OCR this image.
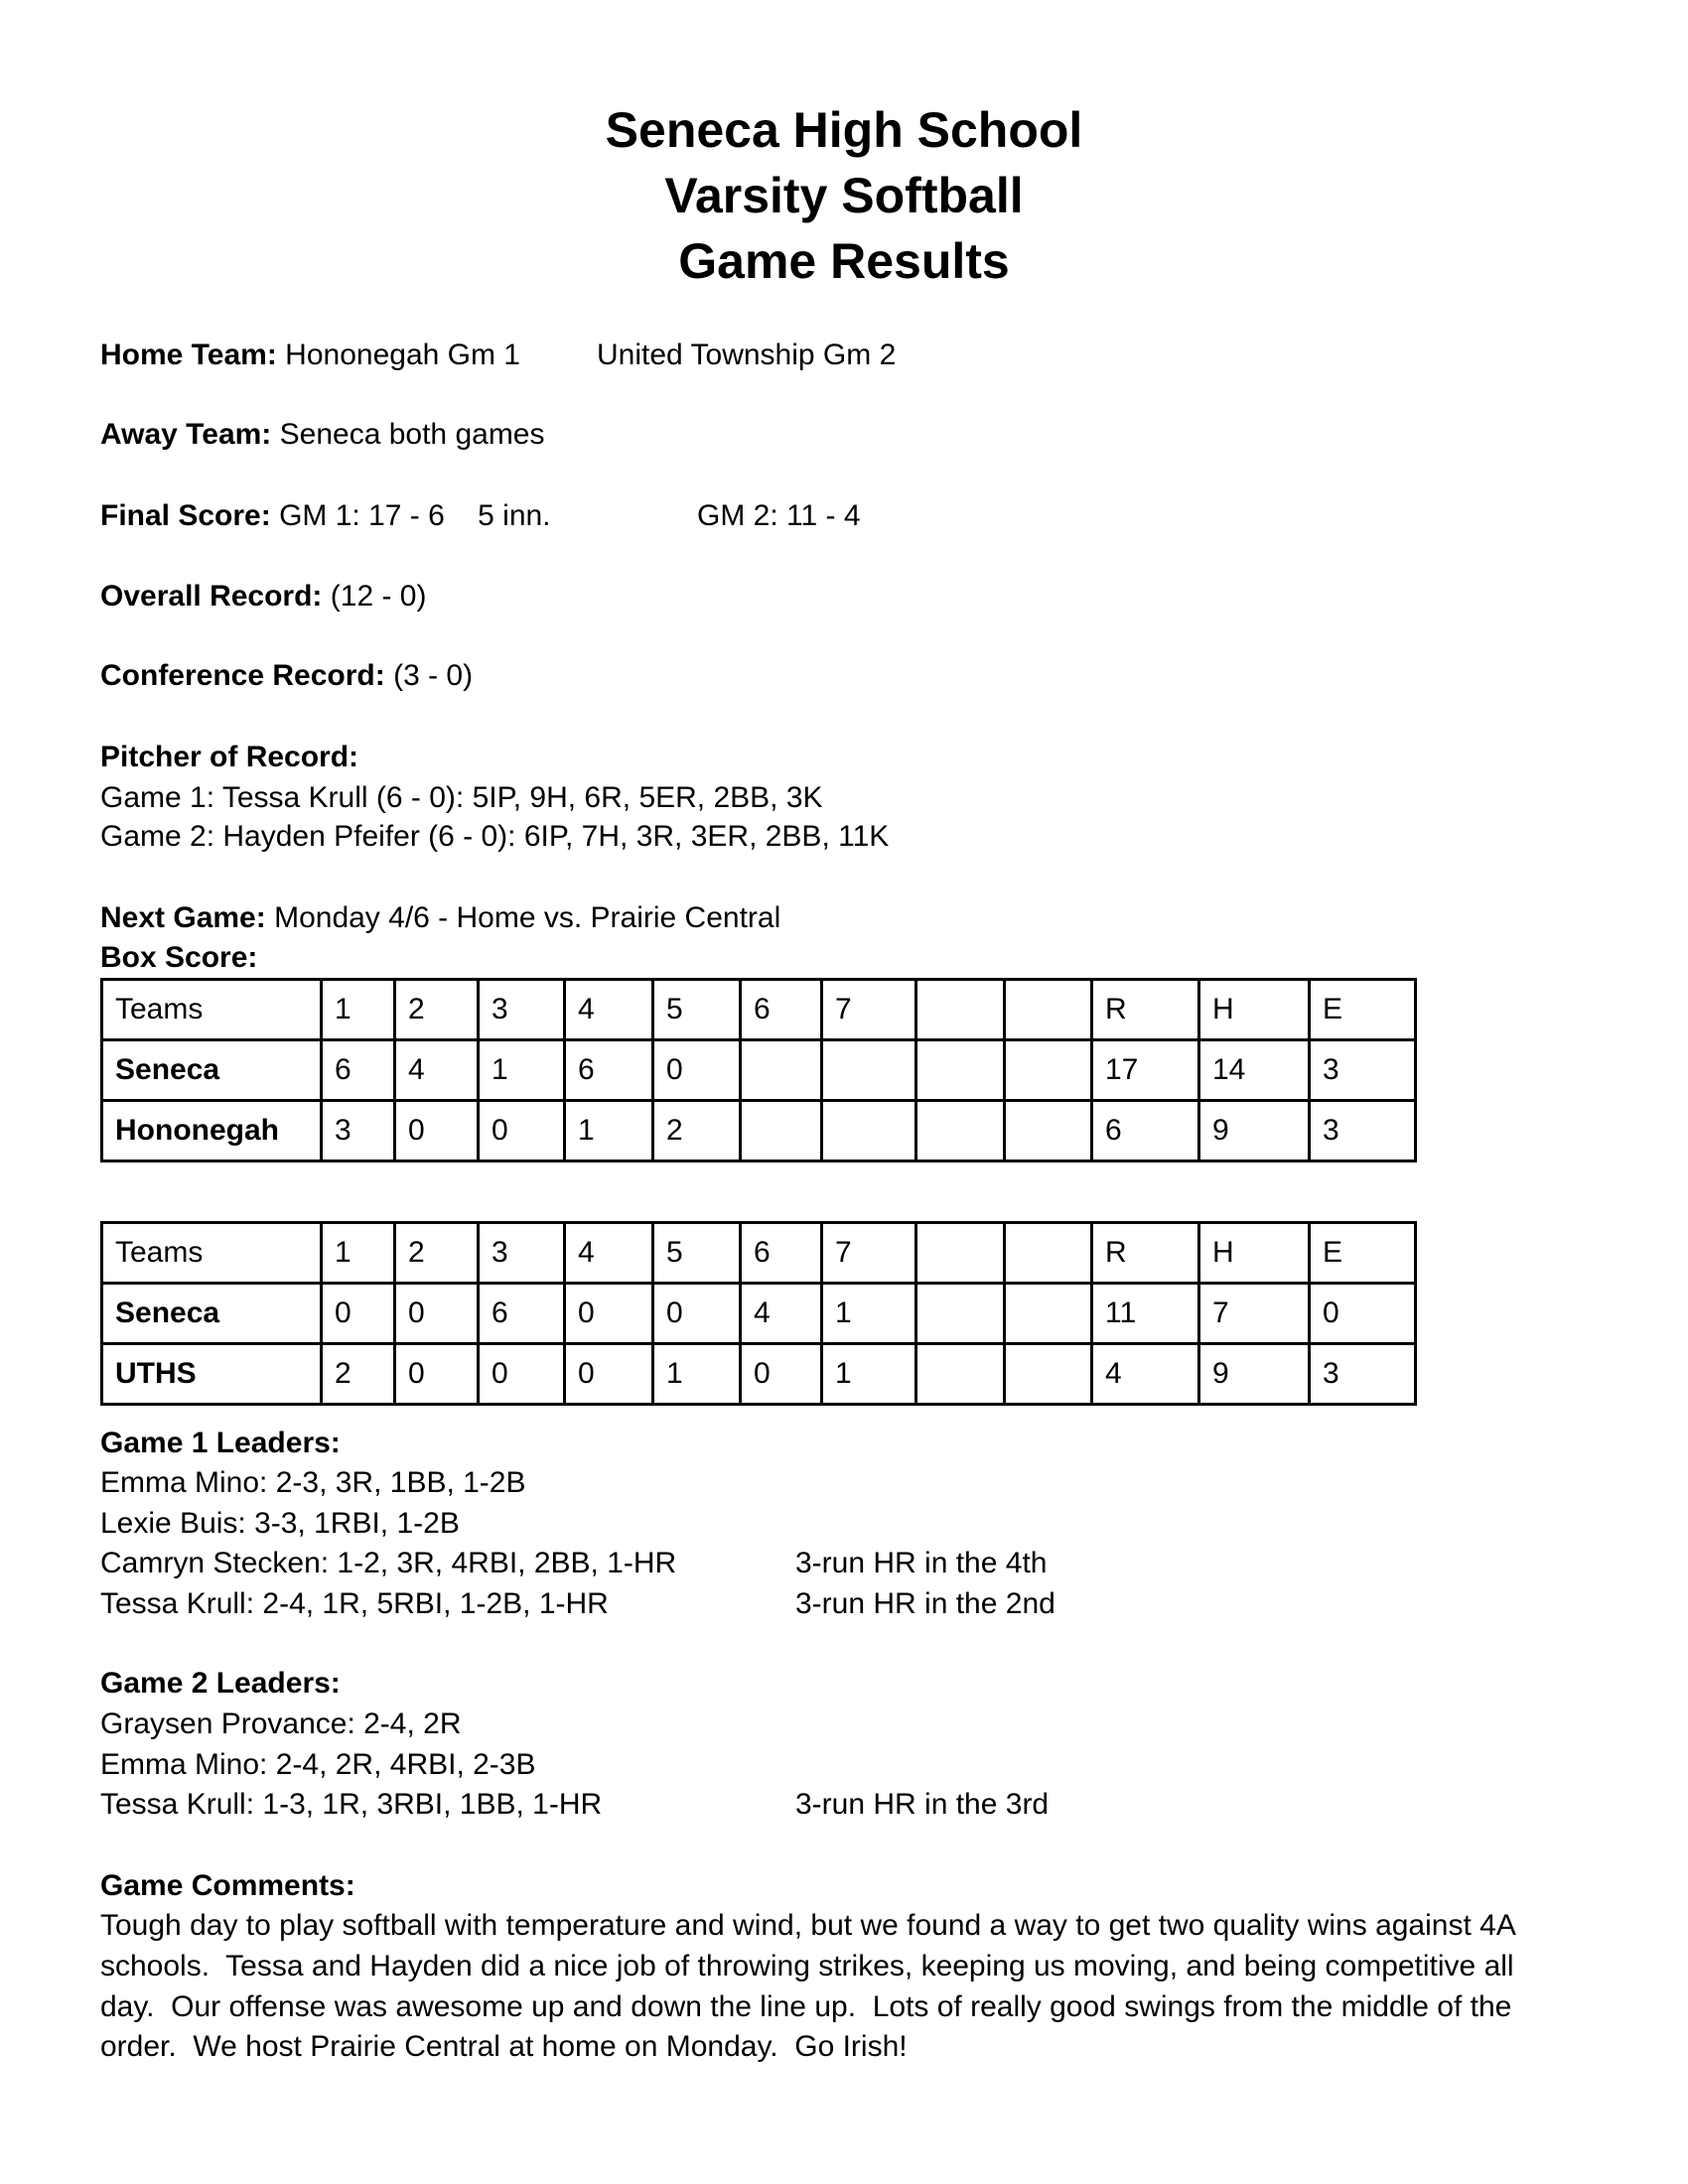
Seneca High School
Varsity Softball
Game Results
Home Team: Hononegah Gm 1	United Township Gm 2
Away Team: Seneca both games
Final Score: GM 1: 17 - 6    5 inn.	GM 2: 11 - 4
Overall Record: (12 - 0)
Conference Record: (3 - 0)
Pitcher of Record:
Game 1: Tessa Krull (6 - 0): 5IP, 9H, 6R, 5ER, 2BB, 3K
Game 2: Hayden Pfeifer (6 - 0): 6IP, 7H, 3R, 3ER, 2BB, 11K
Next Game: Monday 4/6 - Home vs. Prairie Central
Box Score:
Teams	1	2	3	4	5	6	7			R	H	E
Seneca	6	4	1	6	0					17	14	3
Hononegah	3	0	0	1	2					6	9	3
Teams	1	2	3	4	5	6	7			R	H	E
Seneca	0	0	6	0	0	4	1			11	7	0
UTHS	2	0	0	0	1	0	1			4	9	3
Game 1 Leaders:
Emma Mino: 2-3, 3R, 1BB, 1-2B
Lexie Buis: 3-3, 1RBI, 1-2B
Camryn Stecken: 1-2, 3R, 4RBI, 2BB, 1-HR	3-run HR in the 4th
Tessa Krull: 2-4, 1R, 5RBI, 1-2B, 1-HR	3-run HR in the 2nd
Game 2 Leaders:
Graysen Provance: 2-4, 2R
Emma Mino: 2-4, 2R, 4RBI, 2-3B
Tessa Krull: 1-3, 1R, 3RBI, 1BB, 1-HR	3-run HR in the 3rd
Game Comments:
Tough day to play softball with temperature and wind, but we found a way to get two quality wins against 4A
schools.  Tessa and Hayden did a nice job of throwing strikes, keeping us moving, and being competitive all
day.  Our offense was awesome up and down the line up.  Lots of really good swings from the middle of the
order.  We host Prairie Central at home on Monday.  Go Irish!
